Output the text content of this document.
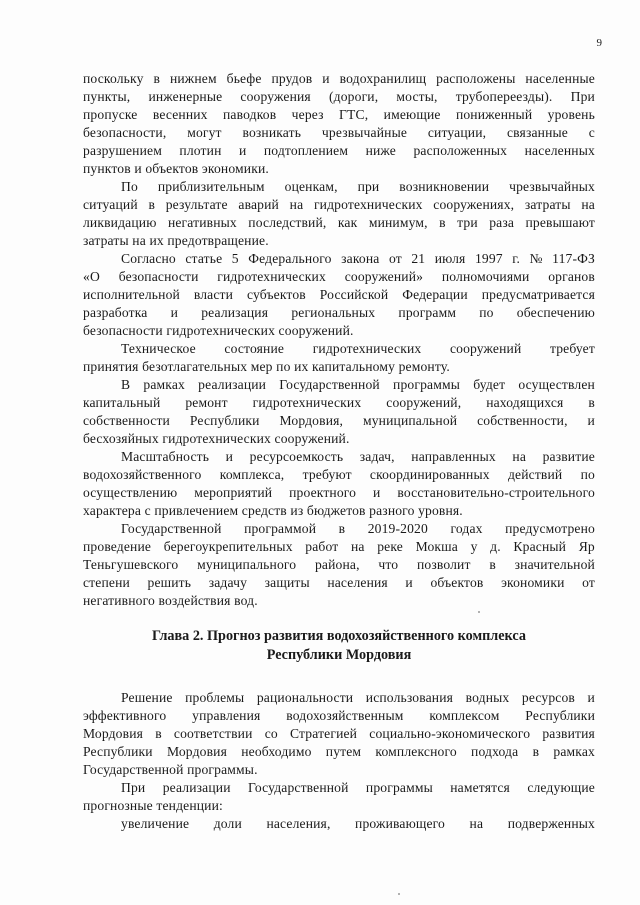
9
поскольку в нижнем бьефе прудов и водохранилищ расположены населенные
пункты, инженерные сооружения (дороги, мосты, трубопереезды). При
пропуске весенних паводков через ГТС, имеющие пониженный уровень
безопасности, могут возникать чрезвычайные ситуации, связанные с
разрушением плотин и подтоплением ниже расположенных населенных
пунктов и объектов экономики.
По приблизительным оценкам, при возникновении чрезвычайных
ситуаций в результате аварий на гидротехнических сооружениях, затраты на
ликвидацию негативных последствий, как минимум, в три раза превышают
затраты на их предотвращение.
Согласно статье 5 Федерального закона от 21 июля 1997 г. № 117-ФЗ
«О безопасности гидротехнических сооружений» полномочиями органов
исполнительной власти субъектов Российской Федерации предусматривается
разработка и реализация региональных программ по обеспечению
безопасности гидротехнических сооружений.
Техническое состояние гидротехнических сооружений требует
принятия безотлагательных мер по их капитальному ремонту.
В рамках реализации Государственной программы будет осуществлен
капитальный ремонт гидротехнических сооружений, находящихся в
собственности Республики Мордовия, муниципальной собственности, и
бесхозяйных гидротехнических сооружений.
Масштабность и ресурсоемкость задач, направленных на развитие
водохозяйственного комплекса, требуют скоординированных действий по
осуществлению мероприятий проектного и восстановительно-строительного
характера с привлечением средств из бюджетов разного уровня.
Государственной программой в 2019-2020 годах предусмотрено
проведение берегоукрепительных работ на реке Мокша у д. Красный Яр
Теньгушевского муниципального района, что позволит в значительной
степени решить задачу защиты населения и объектов экономики от
негативного воздействия вод.
Глава 2. Прогноз развития водохозяйственного комплекса
Республики Мордовия
Решение проблемы рациональности использования водных ресурсов и
эффективного управления водохозяйственным комплексом Республики
Мордовия в соответствии со Стратегией социально-экономического развития
Республики Мордовия необходимо путем комплексного подхода в рамках
Государственной программы.
При реализации Государственной программы наметятся следующие
прогнозные тенденции:
увеличение доли населения, проживающего на подверженных
